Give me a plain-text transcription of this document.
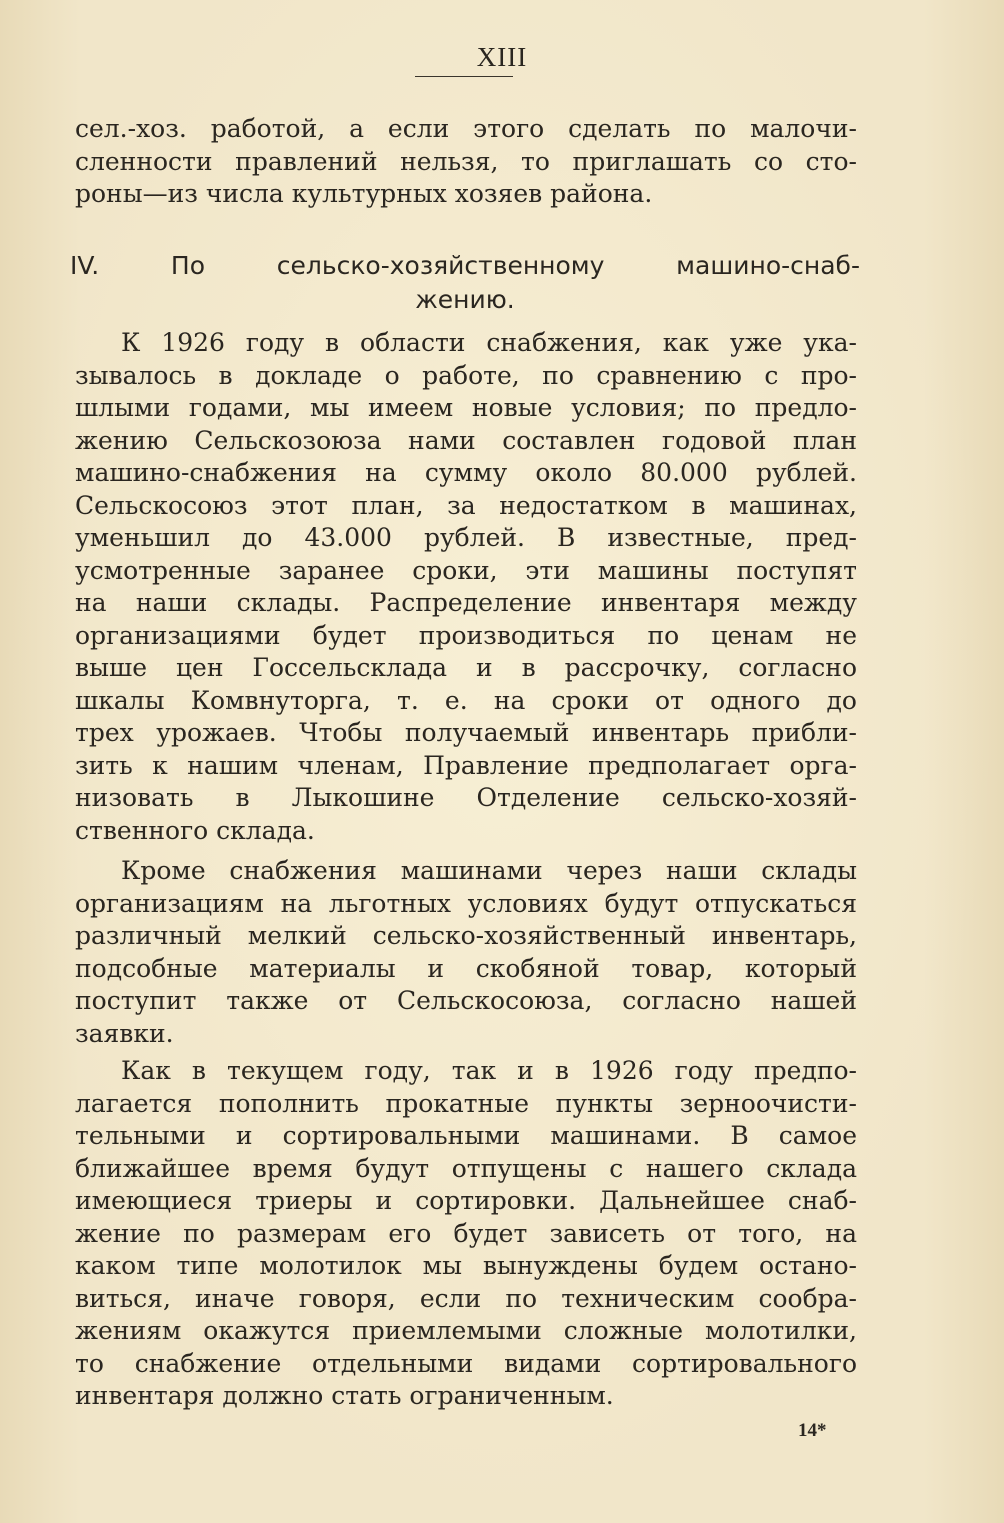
XIII
сел.-хоз. работой, а если этого сделать по малочи-
сленности правлений нельзя, то приглашать со сто-
роны—из числа культурных хозяев района.
IV. По сельско-хозяйственному машино-снаб-
жению.
К 1926 году в области снабжения, как уже ука-
зывалось в докладе о работе, по сравнению с про-
шлыми годами, мы имеем новые условия; по предло-
жению Сельскозоюза нами составлен годовой план
машино-снабжения на сумму около 80.000 рублей.
Сельскосоюз этот план, за недостатком в машинах,
уменьшил до 43.000 рублей. В известные, пред-
усмотренные заранее сроки, эти машины поступят
на наши склады. Распределение инвентаря между
организациями будет производиться по ценам не
выше цен Госсельсклада и в рассрочку, согласно
шкалы Комвнуторга, т. е. на сроки от одного до
трех урожаев. Чтобы получаемый инвентарь прибли-
зить к нашим членам, Правление предполагает орга-
низовать в Лыкошине Отделение сельско-хозяй-
ственного склада.
Кроме снабжения машинами через наши склады
организациям на льготных условиях будут отпускаться
различный мелкий сельско-хозяйственный инвентарь,
подсобные материалы и скобяной товар, который
поступит также от Сельскосоюза, согласно нашей
заявки.
Как в текущем году, так и в 1926 году предпо-
лагается пополнить прокатные пункты зерноочисти-
тельными и сортировальными машинами. В самое
ближайшее время будут отпущены с нашего склада
имеющиеся триеры и сортировки. Дальнейшее снаб-
жение по размерам его будет зависеть от того, на
каком типе молотилок мы вынуждены будем остано-
виться, иначе говоря, если по техническим сообра-
жениям окажутся приемлемыми сложные молотилки,
то снабжение отдельными видами сортировального
инвентаря должно стать ограниченным.
14*
